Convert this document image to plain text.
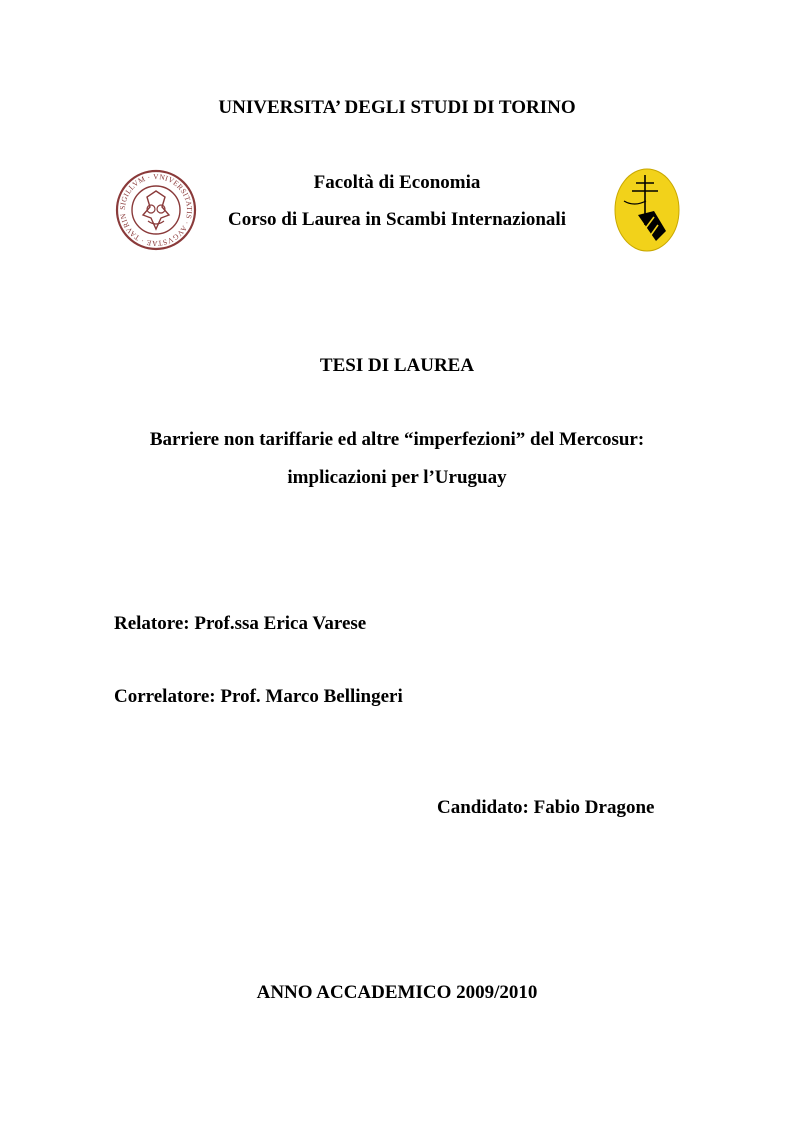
UNIVERSITA’ DEGLI STUDI DI TORINO
SIGILLVM · VNIVERSITATIS · AVGVSTAE · TAVRIN
Facoltà di Economia
Corso di Laurea in Scambi Internazionali
TESI DI LAUREA
Barriere non tariffarie ed altre “imperfezioni” del Mercosur:
implicazioni per l’Uruguay
Relatore: Prof.ssa Erica Varese
Correlatore: Prof. Marco Bellingeri
Candidato: Fabio Dragone
ANNO ACCADEMICO 2009/2010
